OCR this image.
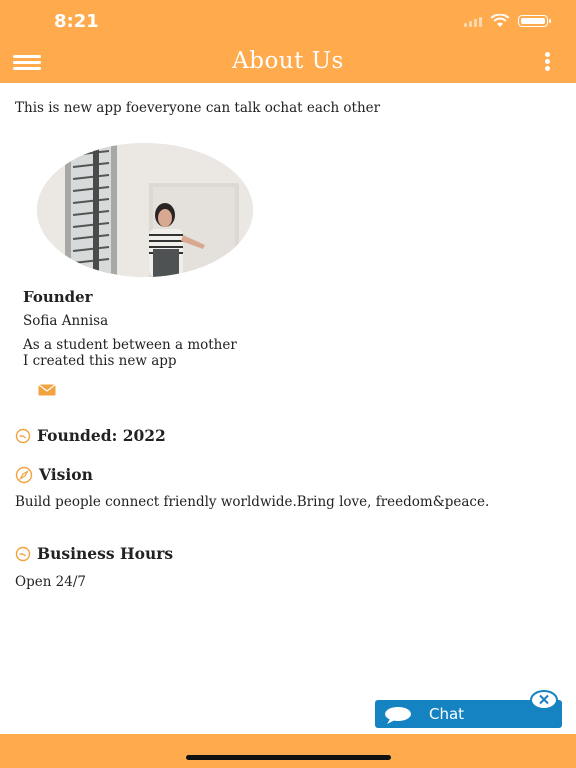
8:21
About Us
This is new app foeveryone can talk ochat each other
Founder
Sofia Annisa
As a student between a mother
I created this new app
Founded: 2022
Vision
Build people connect friendly worldwide.Bring love, freedom&peace.
Business Hours
Open 24/7
Chat
